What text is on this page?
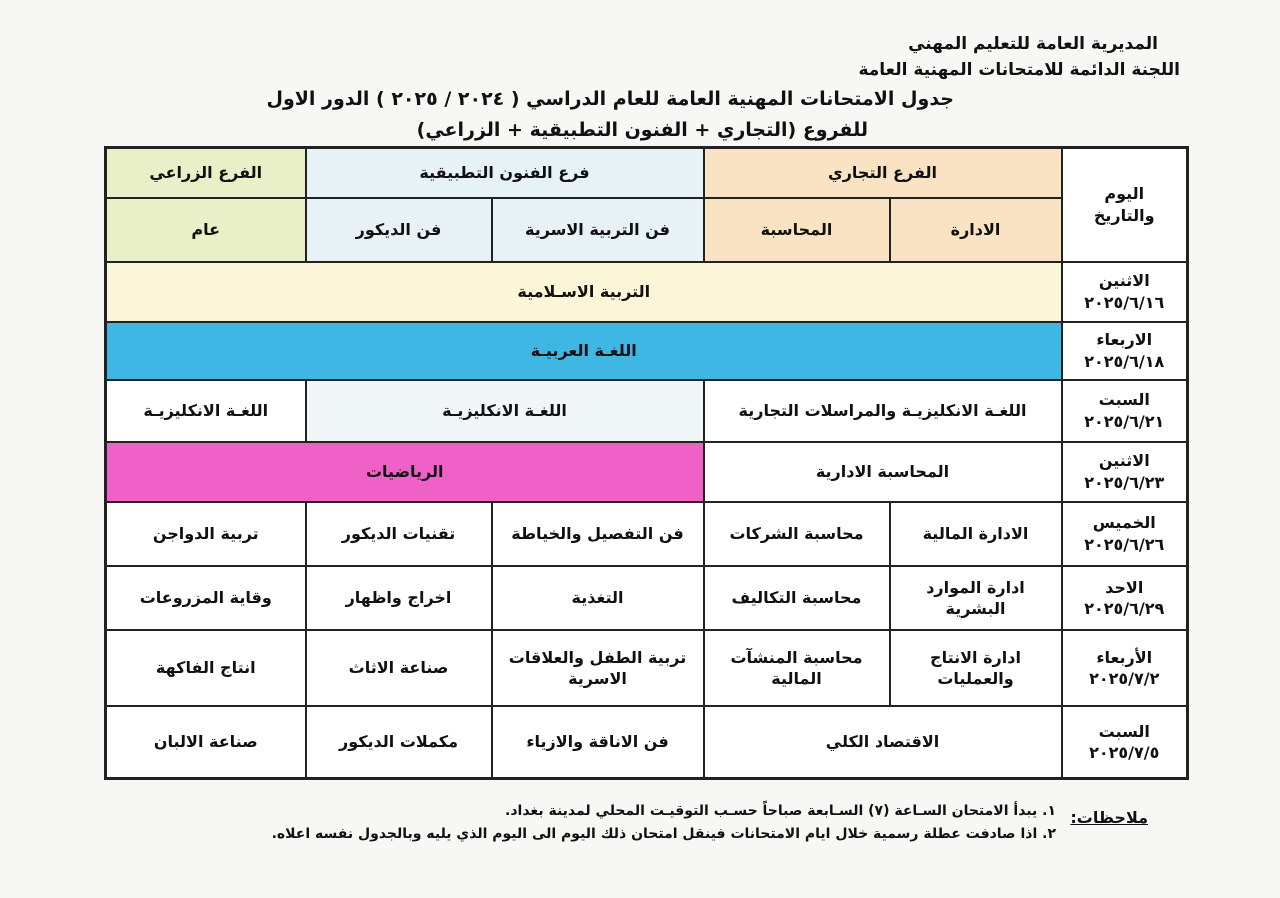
المديرية العامة للتعليم المهني
اللجنة الدائمة للامتحانات المهنية العامة
جدول الامتحانات المهنية العامة للعام الدراسي ( ٢٠٢٤ / ٢٠٢٥ ) الدور الاول
للفروع (التجاري + الفنون التطبيقية + الزراعي)
اليوم
والتاريخ	الفرع التجاري		فرع الفنون التطبيقية		الفرع الزراعي
	الادارة	المحاسبة	فن التربية الاسرية	فن الديكور	عام

الاثنين
٢٠٢٥/٦/١٦	التربية الاسـلامية				

الاربعاء
٢٠٢٥/٦/١٨	اللغـة العربيـة				

السبت
٢٠٢٥/٦/٢١	اللغـة الانكليزيـة والمراسلات التجارية		اللغـة الانكليزيـة		اللغـة الانكليزيـة

الاثنين
٢٠٢٥/٦/٢٣	المحاسبة الادارية		الرياضيات		

الخميس
٢٠٢٥/٦/٢٦	الادارة المالية	محاسبة الشركات	فن التفصيل والخياطة	تقنيات الديكور	تربية الدواجن

الاحد
٢٠٢٥/٦/٢٩	ادارة الموارد البشرية	محاسبة التكاليف	التغذية	اخراج واظهار	وقاية المزروعات

الأربعاء
٢٠٢٥/٧/٢	ادارة الانتاج والعمليات	محاسبة المنشآت المالية	تربية الطفل والعلاقات الاسرية	صناعة الاثاث	انتاج الفاكهة

السبت
٢٠٢٥/٧/٥	الاقتصاد الكلي		فن الاناقة والازياء	مكملات الديكور	صناعة الالبان
ملاحظات:
١. يبدأ الامتحان السـاعة (٧) السـابعة صباحاً حسـب التوقيـت المحلي لمدينة بغداد.
٢. اذا صادفت عطلة رسمية خلال ايام الامتحانات فينقل امتحان ذلك اليوم الى اليوم الذي يليه وبالجدول نفسه اعلاه.
